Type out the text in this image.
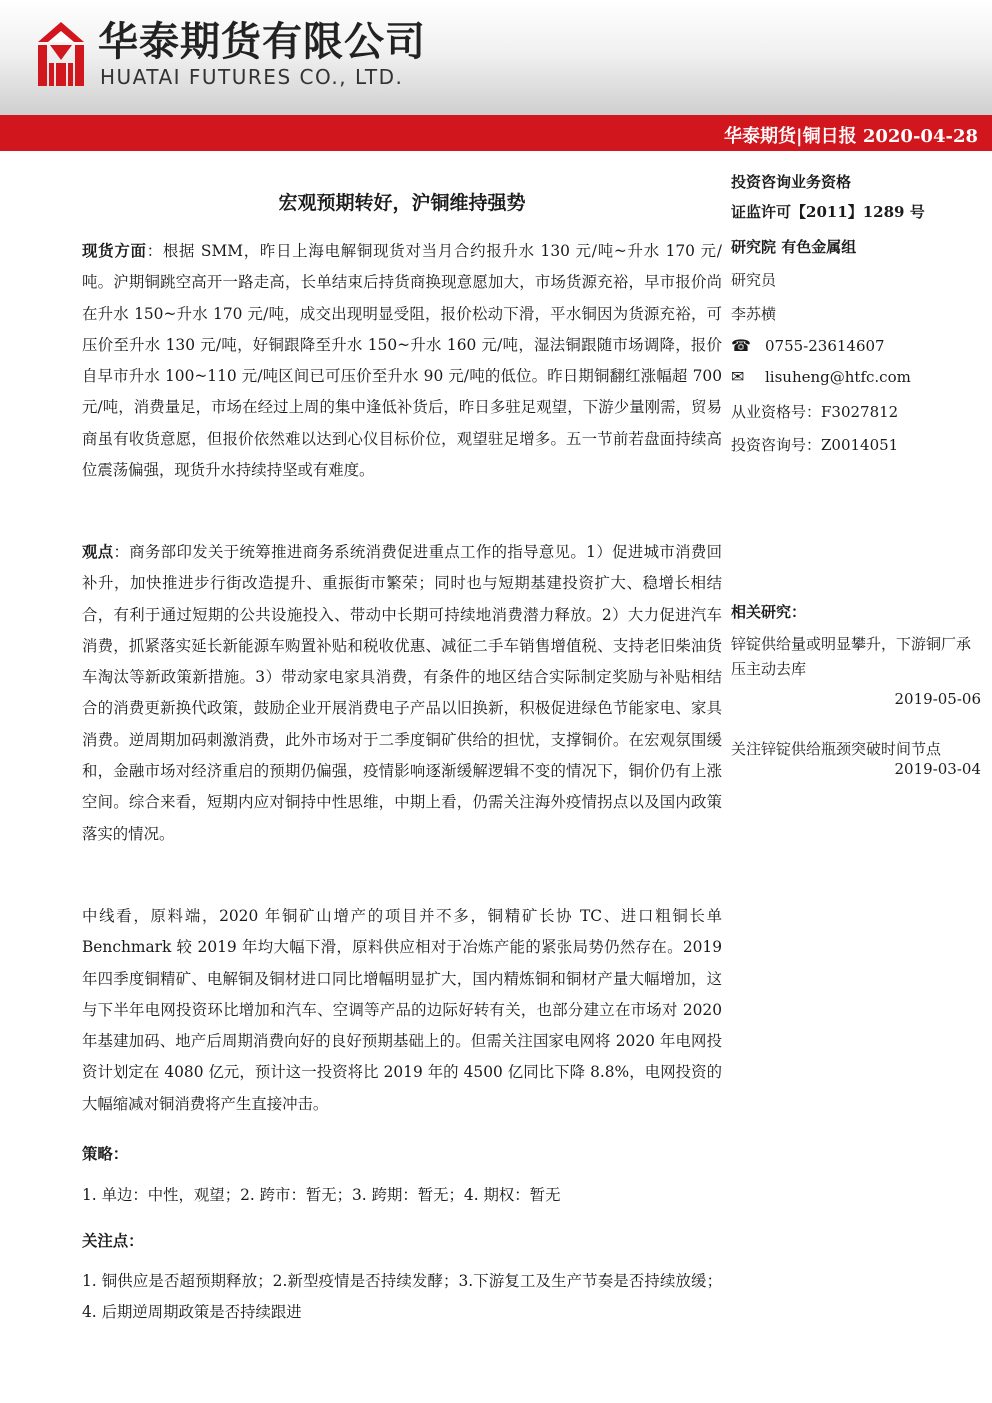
华泰期货有限公司
HUATAI FUTURES CO., LTD.
华泰期货|铜日报 2020-04-28
宏观预期转好，沪铜维持强势

现货方面：根据 SMM，昨日上海电解铜现货对当月合约报升水 130 元/吨~升水 170 元/吨。沪期铜跳空高开一路走高，长单结束后持货商换现意愿加大，市场货源充裕，早市报价尚在升水 150~升水 170 元/吨，成交出现明显受阻，报价松动下滑，平水铜因为货源充裕，可压价至升水 130 元/吨，好铜跟降至升水 150~升水 160 元/吨，湿法铜跟随市场调降，报价自早市升水 100~110 元/吨区间已可压价至升水 90 元/吨的低位。昨日期铜翻红涨幅超 700 元/吨，消费量足，市场在经过上周的集中逢低补货后，昨日多驻足观望，下游少量刚需，贸易商虽有收货意愿，但报价依然难以达到心仪目标价位，观望驻足增多。五一节前若盘面持续高位震荡偏强，现货升水持续持坚或有难度。

观点：商务部印发关于统筹推进商务系统消费促进重点工作的指导意见。1）促进城市消费回补升，加快推进步行街改造提升、重振街市繁荣；同时也与短期基建投资扩大、稳增长相结合，有利于通过短期的公共设施投入、带动中长期可持续地消费潜力释放。2）大力促进汽车消费，抓紧落实延长新能源车购置补贴和税收优惠、减征二手车销售增值税、支持老旧柴油货车淘汰等新政策新措施。3）带动家电家具消费，有条件的地区结合实际制定奖励与补贴相结合的消费更新换代政策，鼓励企业开展消费电子产品以旧换新，积极促进绿色节能家电、家具消费。逆周期加码刺激消费，此外市场对于二季度铜矿供给的担忧，支撑铜价。在宏观氛围缓和，金融市场对经济重启的预期仍偏强，疫情影响逐渐缓解逻辑不变的情况下，铜价仍有上涨空间。综合来看，短期内应对铜持中性思维，中期上看，仍需关注海外疫情拐点以及国内政策落实的情况。

中线看，原料端，2020 年铜矿山增产的项目并不多，铜精矿长协 TC、进口粗铜长单 Benchmark 较 2019 年均大幅下滑，原料供应相对于冶炼产能的紧张局势仍然存在。2019 年四季度铜精矿、电解铜及铜材进口同比增幅明显扩大，国内精炼铜和铜材产量大幅增加，这与下半年电网投资环比增加和汽车、空调等产品的边际好转有关，也部分建立在市场对 2020 年基建加码、地产后周期消费向好的良好预期基础上的。但需关注国家电网将 2020 年电网投资计划定在 4080 亿元，预计这一投资将比 2019 年的 4500 亿同比下降 8.8%，电网投资的大幅缩减对铜消费将产生直接冲击。

策略：

1. 单边：中性，观望；2. 跨市：暂无；3. 跨期：暂无；4. 期权：暂无

关注点：

1. 铜供应是否超预期释放；2.新型疫情是否持续发酵；3.下游复工及生产节奏是否持续放缓；4. 后期逆周期政策是否持续跟进

投资咨询业务资格
证监许可【2011】1289 号
研究院 有色金属组
研究员
李苏横
☎ 0755-23614607
✉ lisuheng@htfc.com
从业资格号：F3027812
投资咨询号：Z0014051
相关研究：
锌锭供给量或明显攀升，下游铜厂承压主动去库
2019-05-06
关注锌锭供给瓶颈突破时间节点
2019-03-04
